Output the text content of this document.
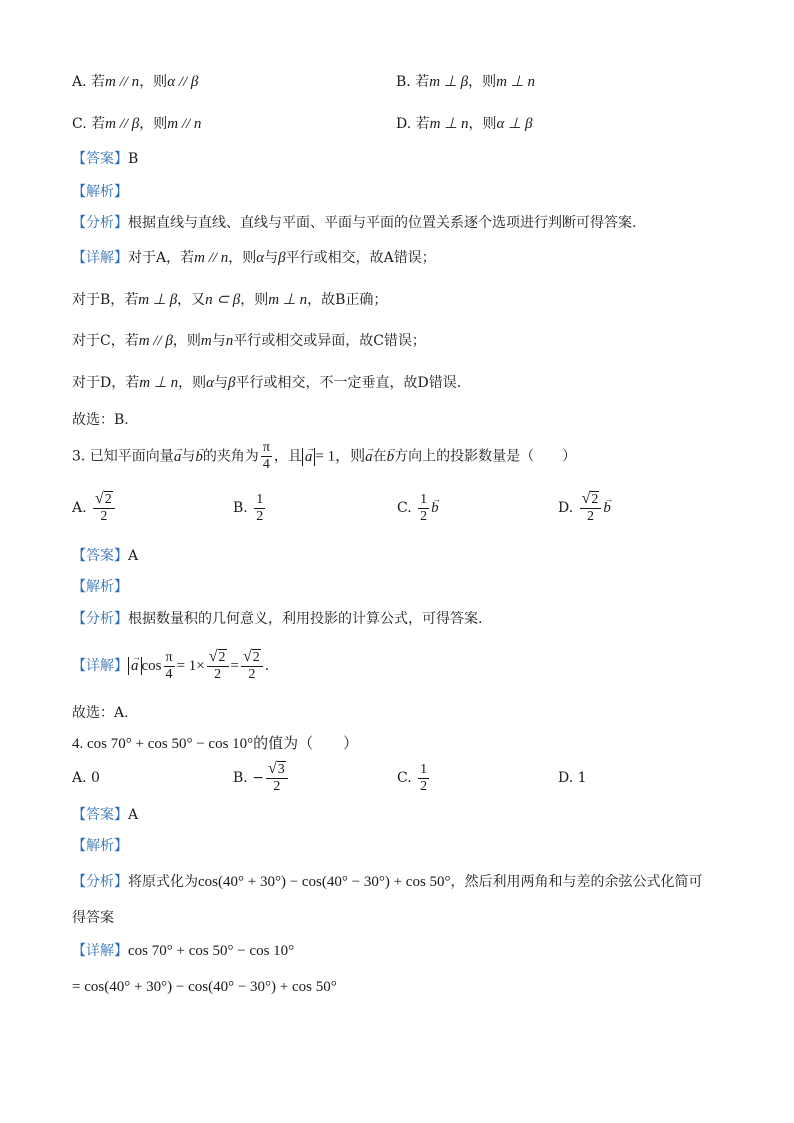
A. 若m // n，则α // β	B. 若m ⊥ β，则m ⊥ n
C. 若m // β，则m // n	D. 若m ⊥ n，则α ⊥ β
【答案】B
【解析】
【分析】根据直线与直线、直线与平面、平面与平面的位置关系逐个选项进行判断可得答案.
【详解】对于A，若m // n，则α与β平行或相交，故A错误；
对于B，若m ⊥ β，又n ⊂ β，则m ⊥ n，故B正确；
对于C，若m // β，则m与n平行或相交或异面，故C错误；
对于D，若m ⊥ n，则α与β平行或相交，不一定垂直，故D错误.
故选：B.
3. 已知平面向量
→
a与
→
b的夹角为 $\frac{\pi}{4}$ ，且
→
a = 1，则
→
a在
→
b方向上的投影数量是（　　）
A. $\frac{√ 2}{2}$	B. $\frac{1}{2}$	C. $\frac{1}{2}$ →
b	D. $\frac{√ 2}{2}$ →
b
【答案】A
【解析】
【分析】根据数量积的几何意义，利用投影的计算公式，可得答案.
【详解】
→
a $\cos \frac{\pi}{4} = 1\times \frac{√ 2}{2} = \frac{√ 2}{2}$ .
故选：A.
4. cos 70° + cos 50° − cos 10°的值为（　　）
A. 0	B. − $\frac{√ 3}{2}$	C. $\frac{1}{2}$	D. 1
【答案】A
【解析】
【分析】将原式化为cos(40° + 30°) − cos(40° − 30°) + cos 50°，然后利用两角和与差的余弦公式化简可
得答案
【详解】cos 70° + cos 50° − cos 10°
= cos(40° + 30°) − cos(40° − 30°) + cos 50°
